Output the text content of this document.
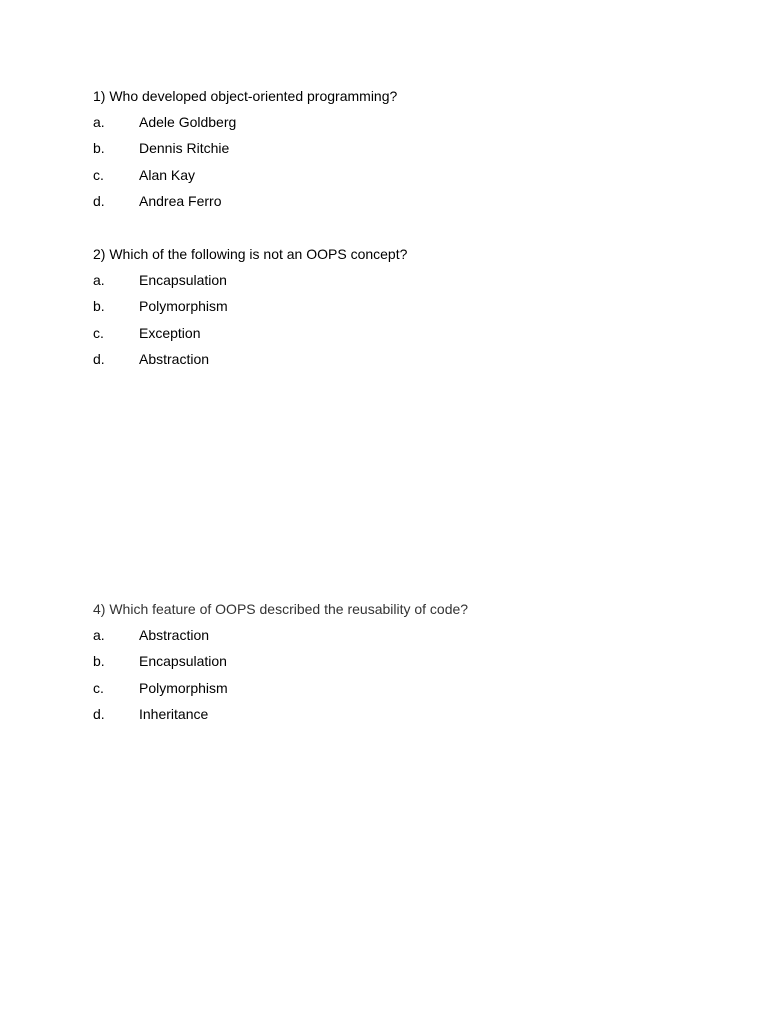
1) Who developed object-oriented programming?

a.	Adele Goldberg
b.	Dennis Ritchie
c.	Alan Kay
d.	Andrea Ferro

2) Which of the following is not an OOPS concept?

a.	Encapsulation
b.	Polymorphism
c.	Exception
d.	Abstraction

4) Which feature of OOPS described the reusability of code?

a.	Abstraction
b.	Encapsulation
c.	Polymorphism
d.	Inheritance
